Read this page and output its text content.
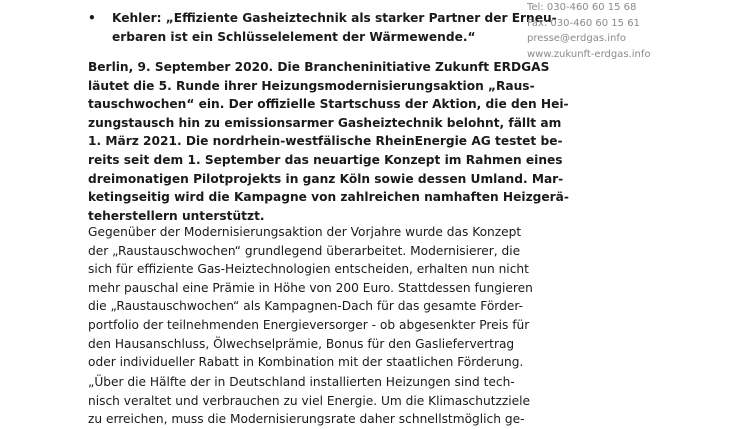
• Kehler: „Effiziente Gasheiztechnik als starker Partner der Erneu-
erbaren ist ein Schlüsselelement der Wärmewende.“
Berlin, 9. September 2020. Die Brancheninitiative Zukunft ERDGAS
läutet die 5. Runde ihrer Heizungsmodernisierungsaktion „Raus-
tauschwochen“ ein. Der offizielle Startschuss der Aktion, die den Hei-
zungstausch hin zu emissionsarmer Gasheiztechnik belohnt, fällt am
1. März 2021. Die nordrhein-westfälische RheinEnergie AG testet be-
reits seit dem 1. September das neuartige Konzept im Rahmen eines
dreimonatigen Pilotprojekts in ganz Köln sowie dessen Umland. Mar-
ketingseitig wird die Kampagne von zahlreichen namhaften Heizgerä-
teherstellern unterstützt.
Gegenüber der Modernisierungsaktion der Vorjahre wurde das Konzept
der „Raustauschwochen“ grundlegend überarbeitet. Modernisierer, die
sich für effiziente Gas-Heiztechnologien entscheiden, erhalten nun nicht
mehr pauschal eine Prämie in Höhe von 200 Euro. Stattdessen fungieren
die „Raustauschwochen“ als Kampagnen-Dach für das gesamte Förder-
portfolio der teilnehmenden Energieversorger - ob abgesenkter Preis für
den Hausanschluss, Ölwechselprämie, Bonus für den Gasliefervertrag
oder individueller Rabatt in Kombination mit der staatlichen Förderung.
„Über die Hälfte der in Deutschland installierten Heizungen sind tech-
nisch veraltet und verbrauchen zu viel Energie. Um die Klimaschutzziele
zu erreichen, muss die Modernisierungsrate daher schnellstmöglich ge-
Tel: 030-460 60 15 68
Fax: 030-460 60 15 61
presse@erdgas.info
www.zukunft-erdgas.info
